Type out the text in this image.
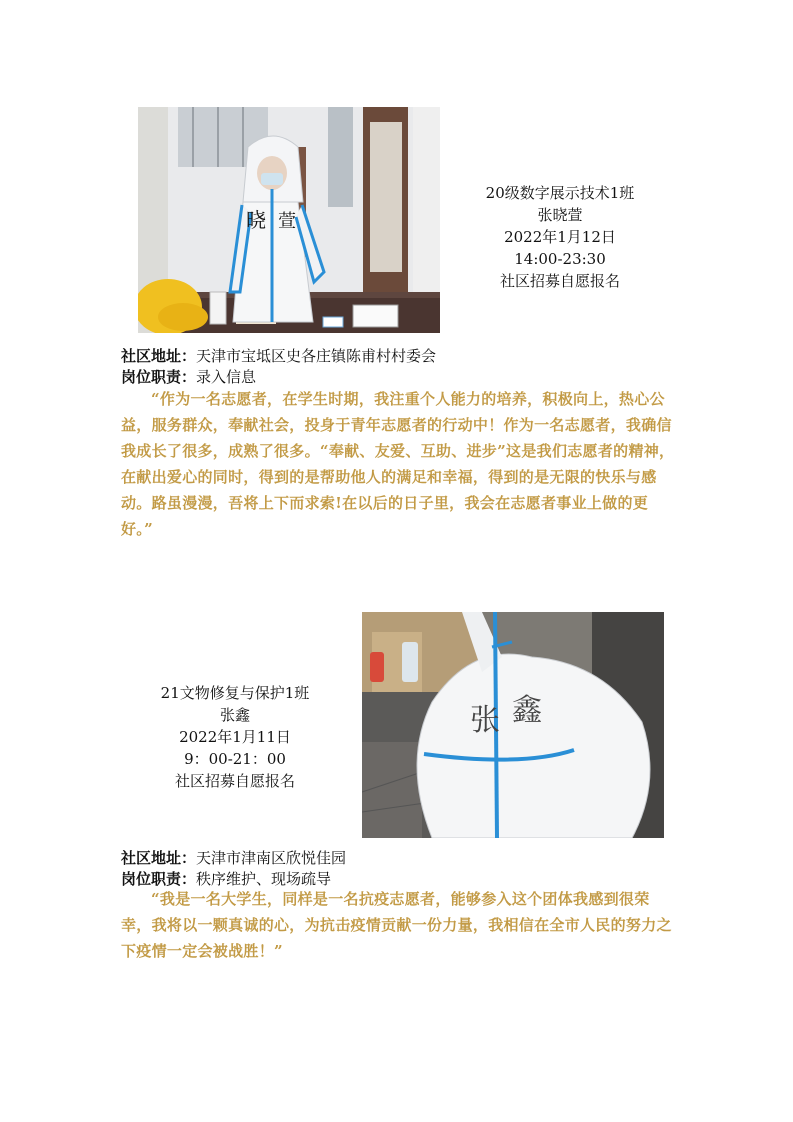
晓 萱
20级数字展示技术1班
张晓萱
2022年1月12日
14:00-23:30
社区招募自愿报名
社区地址：天津市宝坻区史各庄镇陈甫村村委会
岗位职责：录入信息
“作为一名志愿者，在学生时期，我注重个人能力的培养，积极向上，热心公益，服务群众，奉献社会，投身于青年志愿者的行动中！作为一名志愿者，我确信我成长了很多，成熟了很多。“奉献、友爱、互助、进步”这是我们志愿者的精神，在献出爱心的同时，得到的是帮助他人的满足和幸福，得到的是无限的快乐与感动。路虽漫漫，吾将上下而求索!在以后的日子里，我会在志愿者事业上做的更好。”
张 鑫
21文物修复与保护1班
张鑫
2022年1月11日
9：00-21：00
社区招募自愿报名
社区地址：天津市津南区欣悦佳园
岗位职责：秩序维护、现场疏导
“我是一名大学生，同样是一名抗疫志愿者，能够参入这个团体我感到很荣幸，我将以一颗真诚的心，为抗击疫情贡献一份力量，我相信在全市人民的努力之下疫情一定会被战胜！”
